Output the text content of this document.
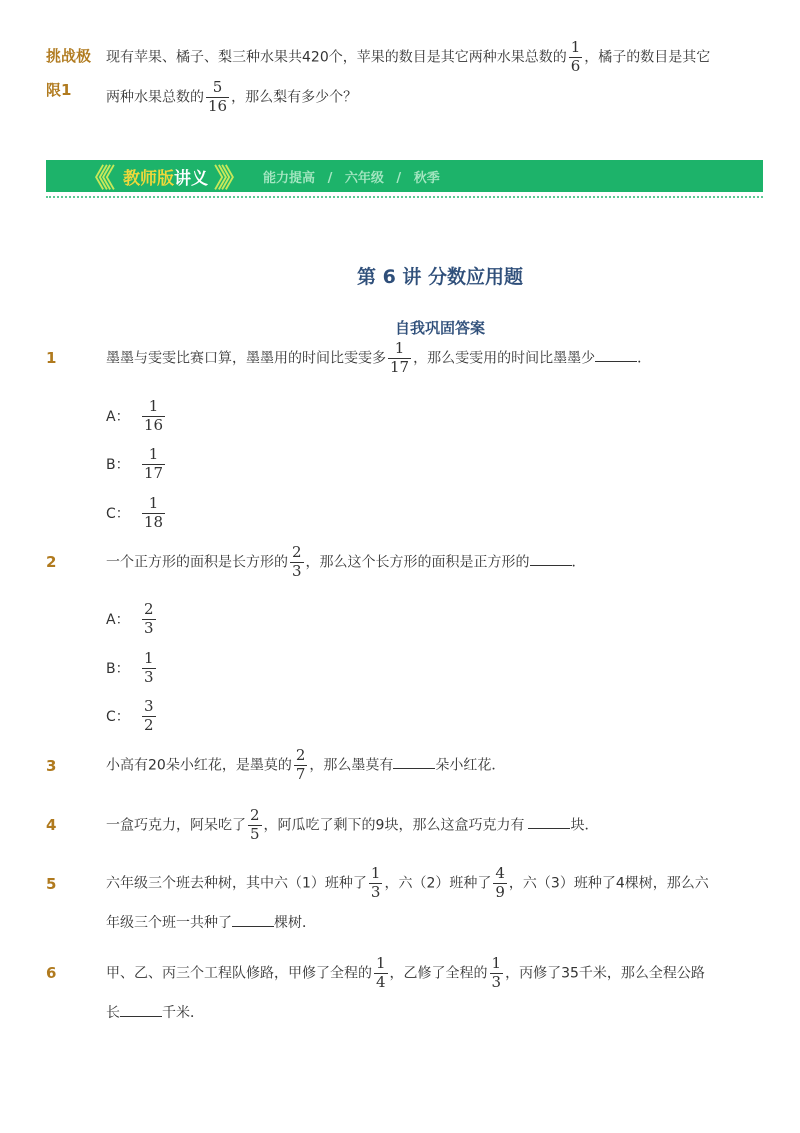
挑战极
限1
现有苹果、橘子、梨三种水果共420个，苹果的数目是其它两种水果总数的 $\frac{1}{6}$ ，橘子的数目是其它
两种水果总数的 $\frac{5}{16}$ ，那么梨有多少个？
《《 教师版 讲义 》》 能力提高 / 六年级 / 秋季
第 6 讲 分数应用题
自我巩固答案
1	墨墨与雯雯比赛口算，墨墨用的时间比雯雯多 $\frac{1}{17}$ ，那么雯雯用的时间比墨墨少	．
A： $\frac{1}{16}$
B： $\frac{1}{17}$
C： $\frac{1}{18}$
2	一个正方形的面积是长方形的 $\frac{2}{3}$ ，那么这个长方形的面积是正方形的	．
A： $\frac{2}{3}$
B： $\frac{1}{3}$
C： $\frac{3}{2}$
3	小高有20朵小红花，是墨莫的 $\frac{2}{7}$ ，那么墨莫有	朵小红花．
4	一盒巧克力，阿呆吃了 $\frac{2}{5}$ ，阿瓜吃了剩下的9块，那么这盒巧克力有	块．
5	六年级三个班去种树，其中六（1）班种了 $\frac{1}{3}$ ，六（2）班种了 $\frac{4}{9}$ ，六（3）班种了4棵树，那么六
年级三个班一共种了	棵树．
6	甲、乙、丙三个工程队修路，甲修了全程的 $\frac{1}{4}$ ，乙修了全程的 $\frac{1}{3}$ ，丙修了35千米，那么全程公路
长	千米．
